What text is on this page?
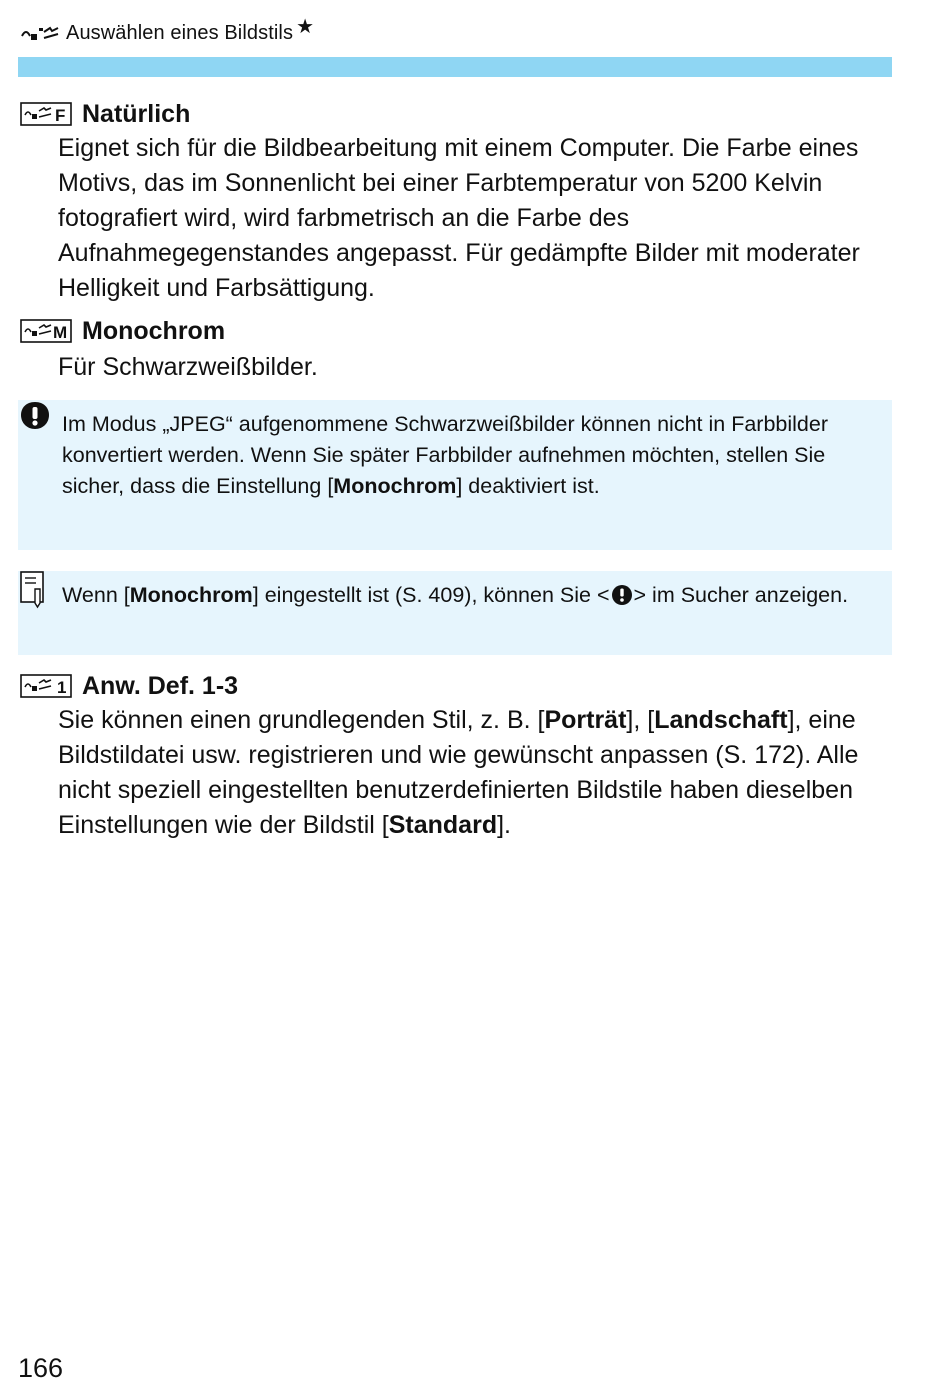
Auswählen eines Bildstils ★
F Natürlich
Eignet sich für die Bildbearbeitung mit einem Computer. Die Farbe eines Motivs, das im Sonnenlicht bei einer Farbtemperatur von 5200 Kelvin fotografiert wird, wird farbmetrisch an die Farbe des Aufnahmegegenstandes angepasst. Für gedämpfte Bilder mit moderater Helligkeit und Farbsättigung.
M Monochrom
Für Schwarzweißbilder.
Im Modus „JPEG“ aufgenommene Schwarzweißbilder können nicht in Farbbilder konvertiert werden. Wenn Sie später Farbbilder aufnehmen möchten, stellen Sie sicher, dass die Einstellung [Monochrom] deaktiviert ist.
Wenn [Monochrom] eingestellt ist (S. 409), können Sie < > im Sucher anzeigen.
1 Anw. Def. 1-3
Sie können einen grundlegenden Stil, z. B. [Porträt], [Landschaft], eine Bildstildatei usw. registrieren und wie gewünscht anpassen (S. 172). Alle nicht speziell eingestellten benutzerdefinierten Bildstile haben dieselben Einstellungen wie der Bildstil [Standard].
166
